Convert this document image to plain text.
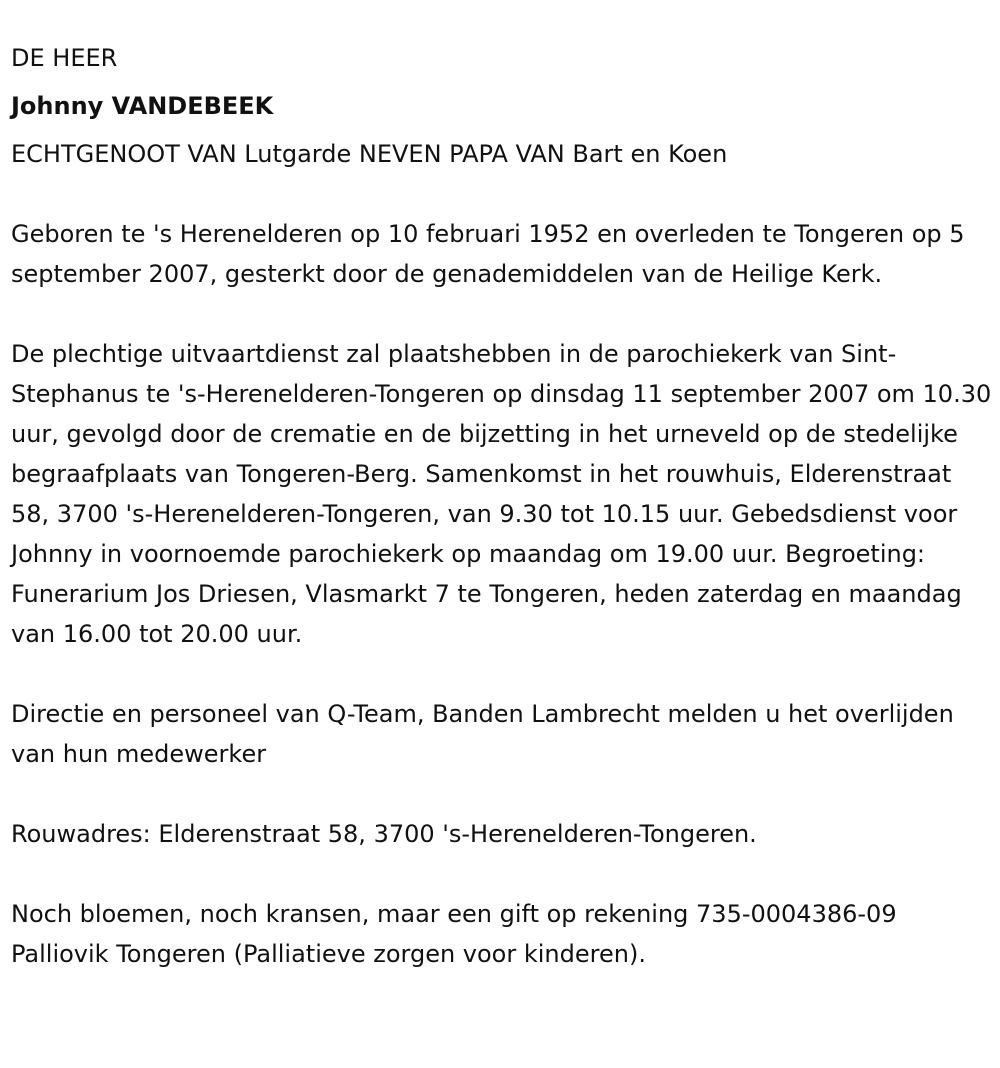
DE HEER

Johnny VANDEBEEK

ECHTGENOOT VAN Lutgarde NEVEN PAPA VAN Bart en Koen

Geboren te 's Herenelderen op 10 februari 1952 en overleden te Tongeren op 5 september 2007, gesterkt door de genademiddelen van de Heilige Kerk.

De plechtige uitvaartdienst zal plaatshebben in de parochiekerk van Sint-Stephanus te 's-Herenelderen-Tongeren op dinsdag 11 september 2007 om 10.30 uur, gevolgd door de crematie en de bijzetting in het urneveld op de stedelijke begraafplaats van Tongeren-Berg. Samenkomst in het rouwhuis, Elderenstraat 58, 3700 's-Herenelderen-Tongeren, van 9.30 tot 10.15 uur. Gebedsdienst voor Johnny in voornoemde parochiekerk op maandag om 19.00 uur. Begroeting: Funerarium Jos Driesen, Vlasmarkt 7 te Tongeren, heden zaterdag en maandag van 16.00 tot 20.00 uur.

Directie en personeel van Q-Team, Banden Lambrecht melden u het overlijden van hun medewerker

Rouwadres: Elderenstraat 58, 3700 's-Herenelderen-Tongeren.

Noch bloemen, noch kransen, maar een gift op rekening 735-0004386-09 Palliovik Tongeren (Palliatieve zorgen voor kinderen).
